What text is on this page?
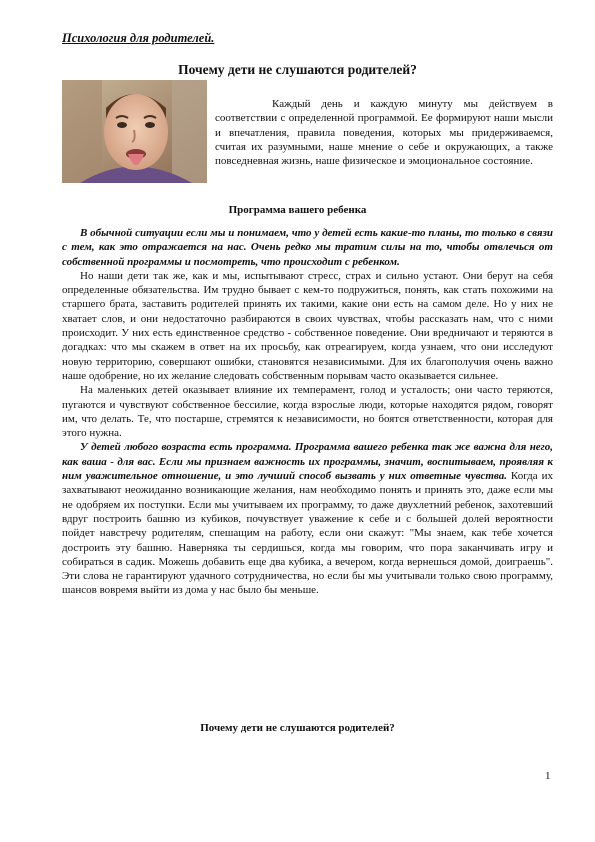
Психология для родителей.
Почему дети не слушаются родителей?
Каждый день и каждую минуту мы действуем в соответствии с определенной программой. Ее формируют наши мысли и впечатления, правила поведения, которых мы придерживаемся, считая их разумными, наше мнение о себе и окружающих, а также повседневная жизнь, наше физическое и эмоциональное состояние.
Программа вашего ребенка

В обычной ситуации если мы и понимаем, что у детей есть какие-то планы, то только в связи с тем, как это отражается на нас. Очень редко мы тратим силы на то, чтобы отвлечься от собственной программы и посмотреть, что происходит с ребенком.

Но наши дети так же, как и мы, испытывают стресс, страх и сильно устают. Они берут на себя определенные обязательства. Им трудно бывает с кем-то подружиться, понять, как стать похожими на старшего брата, заставить родителей принять их такими, какие они есть на самом деле. Но у них не хватает слов, и они недостаточно разбираются в своих чувствах, чтобы рассказать нам, что с ними происходит. У них есть единственное средство - собственное поведение. Они вредничают и теряются в догадках: что мы скажем в ответ на их просьбу, как отреагируем, когда узнаем, что они исследуют новую территорию, совершают ошибки, становятся независимыми. Для их благополучия очень важно наше одобрение, но их желание следовать собственным порывам часто оказывается сильнее.

На маленьких детей оказывает влияние их темперамент, голод и усталость; они часто теряются, пугаются и чувствуют собственное бессилие, когда взрослые люди, которые находятся рядом, говорят им, что делать. Те, что постарше, стремятся к независимости, но боятся ответственности, которая для этого нужна.

У детей любого возраста есть программа. Программа вашего ребенка так же важна для него, как ваша - для вас. Если мы признаем важность их программы, значит, воспитываем, проявляя к ним уважительное отношение, и это лучший способ вызвать у них ответные чувства. Когда их захватывают неожиданно возникающие желания, нам необходимо понять и принять это, даже если мы не одобряем их поступки. Если мы учитываем их программу, то даже двухлетний ребенок, захотевший вдруг построить башню из кубиков, почувствует уважение к себе и с большей долей вероятности пойдет навстречу родителям, спешащим на работу, если они скажут: "Мы знаем, как тебе хочется достроить эту башню. Наверняка ты сердишься, когда мы говорим, что пора заканчивать игру и собираться в садик. Можешь добавить еще два кубика, а вечером, когда вернешься домой, доиграешь". Эти слова не гарантируют удачного сотрудничества, но если бы мы учитывали только свою программу, шансов вовремя выйти из дома у нас было бы меньше.

Почему дети не слушаются родителей?
1
